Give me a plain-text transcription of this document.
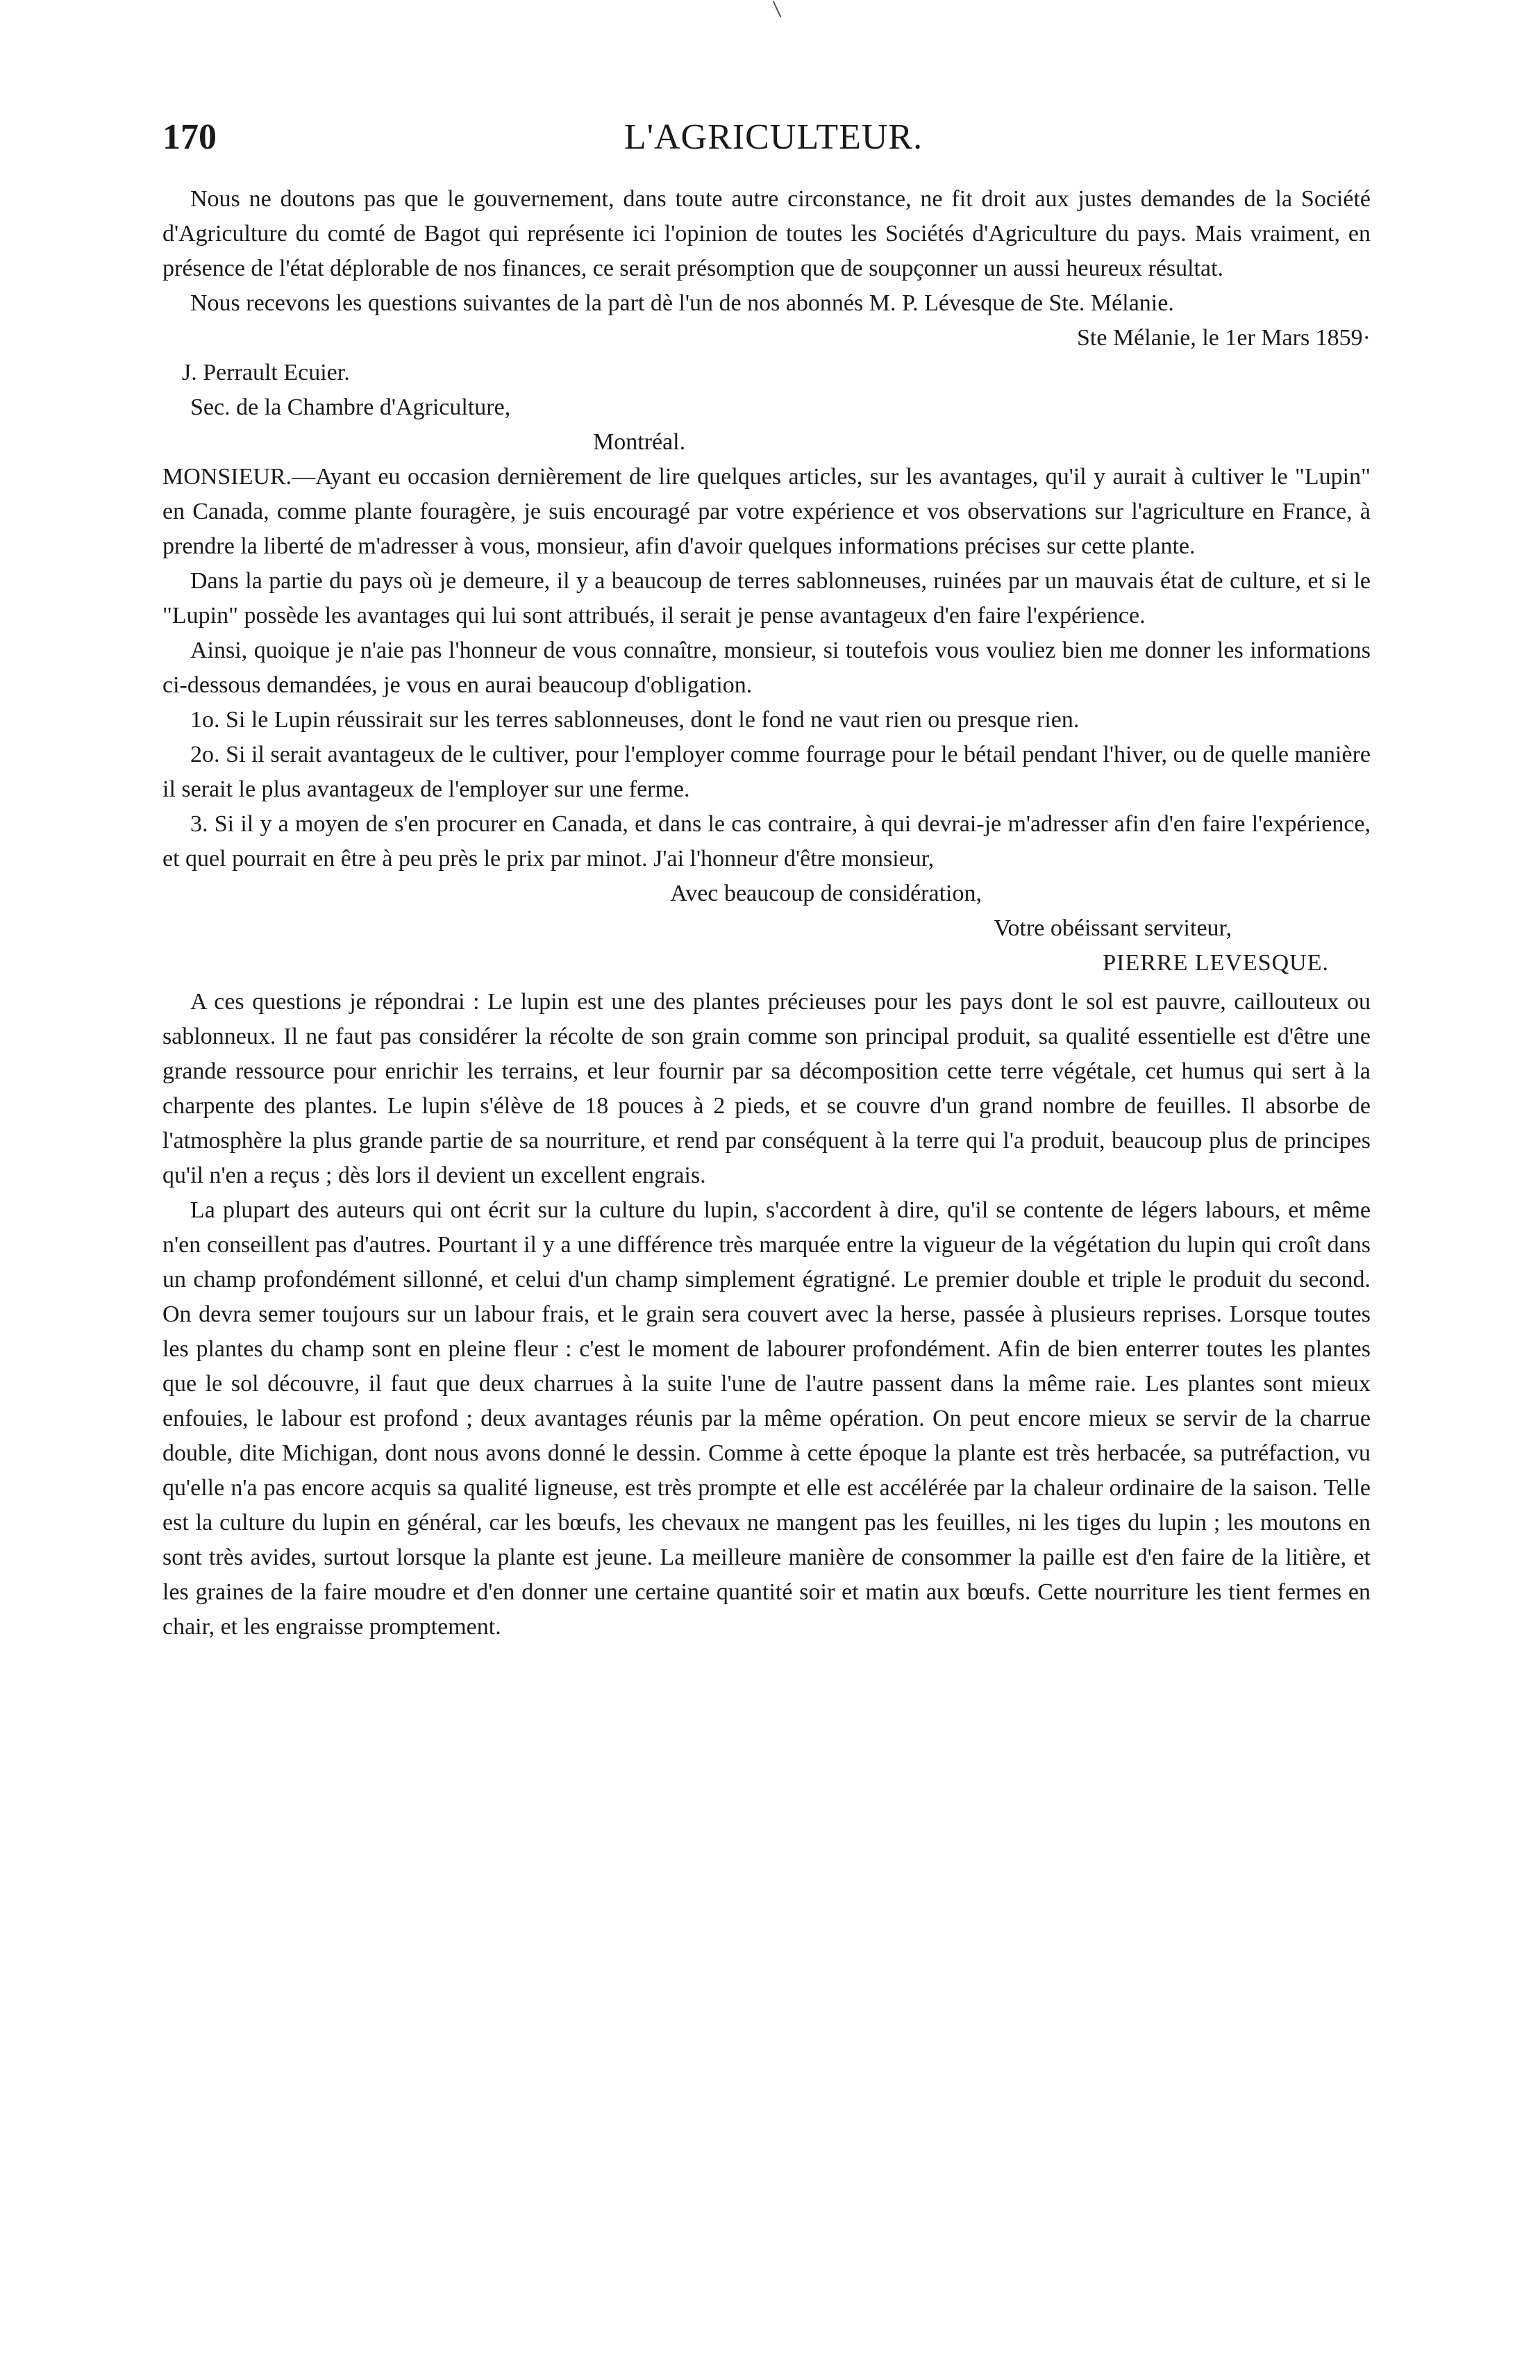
170	L'AGRICULTEUR.

Nous ne doutons pas que le gouvernement, dans toute autre circonstance, ne fit droit aux justes demandes de la Société d'Agriculture du comté de Bagot qui représente ici l'opinion de toutes les Sociétés d'Agriculture du pays. Mais vraiment, en présence de l'état déplorable de nos finances, ce serait présomption que de soupçonner un aussi heureux résultat.

Nous recevons les questions suivantes de la part dè l'un de nos abonnés M. P. Lévesque de Ste. Mélanie.

Ste Mélanie, le 1er Mars 1859·

J. Perrault Ecuier.

Sec. de la Chambre d'Agriculture,

Montréal.

MONSIEUR.—Ayant eu occasion dernièrement de lire quelques articles, sur les avantages, qu'il y aurait à cultiver le "Lupin" en Canada, comme plante fouragère, je suis encouragé par votre expérience et vos observations sur l'agriculture en France, à prendre la liberté de m'adresser à vous, monsieur, afin d'avoir quelques informations précises sur cette plante.

Dans la partie du pays où je demeure, il y a beaucoup de terres sablonneuses, ruinées par un mauvais état de culture, et si le "Lupin" possède les avantages qui lui sont attribués, il serait je pense avantageux d'en faire l'expérience.

Ainsi, quoique je n'aie pas l'honneur de vous connaître, monsieur, si toutefois vous vouliez bien me donner les informations ci-dessous demandées, je vous en aurai beaucoup d'obligation.

1o. Si le Lupin réussirait sur les terres sablonneuses, dont le fond ne vaut rien ou presque rien.

2o. Si il serait avantageux de le cultiver, pour l'employer comme fourrage pour le bétail pendant l'hiver, ou de quelle manière il serait le plus avantageux de l'employer sur une ferme.

3. Si il y a moyen de s'en procurer en Canada, et dans le cas contraire, à qui devrai-je m'adresser afin d'en faire l'expérience, et quel pourrait en être à peu près le prix par minot. J'ai l'honneur d'être monsieur,

Avec beaucoup de considération,

Votre obéissant serviteur,

PIERRE LEVESQUE.

A ces questions je répondrai : Le lupin est une des plantes précieuses pour les pays dont le sol est pauvre, caillouteux ou sablonneux. Il ne faut pas considérer la récolte de son grain comme son principal produit, sa qualité essentielle est d'être une grande ressource pour enrichir les terrains, et leur fournir par sa décomposition cette terre végétale, cet humus qui sert à la charpente des plantes. Le lupin s'élève de 18 pouces à 2 pieds, et se couvre d'un grand nombre de feuilles. Il absorbe de l'atmosphère la plus grande partie de sa nourriture, et rend par conséquent à la terre qui l'a produit, beaucoup plus de principes qu'il n'en a reçus ; dès lors il devient un excellent engrais.

La plupart des auteurs qui ont écrit sur la culture du lupin, s'accordent à dire, qu'il se contente de légers labours, et même n'en conseillent pas d'autres. Pourtant il y a une différence très marquée entre la vigueur de la végétation du lupin qui croît dans un champ profondément sillonné, et celui d'un champ simplement égratigné. Le premier double et triple le produit du second. On devra semer toujours sur un labour frais, et le grain sera couvert avec la herse, passée à plusieurs reprises. Lorsque toutes les plantes du champ sont en pleine fleur : c'est le moment de labourer profondément. Afin de bien enterrer toutes les plantes que le sol découvre, il faut que deux charrues à la suite l'une de l'autre passent dans la même raie. Les plantes sont mieux enfouies, le labour est profond ; deux avantages réunis par la même opération. On peut encore mieux se servir de la charrue double, dite Michigan, dont nous avons donné le dessin. Comme à cette époque la plante est très herbacée, sa putréfaction, vu qu'elle n'a pas encore acquis sa qualité ligneuse, est très prompte et elle est accélérée par la chaleur ordinaire de la saison. Telle est la culture du lupin en général, car les bœufs, les chevaux ne mangent pas les feuilles, ni les tiges du lupin ; les moutons en sont très avides, surtout lorsque la plante est jeune. La meilleure manière de consommer la paille est d'en faire de la litière, et les graines de la faire moudre et d'en donner une certaine quantité soir et matin aux bœufs. Cette nourriture les tient fermes en chair, et les engraisse promptement.
